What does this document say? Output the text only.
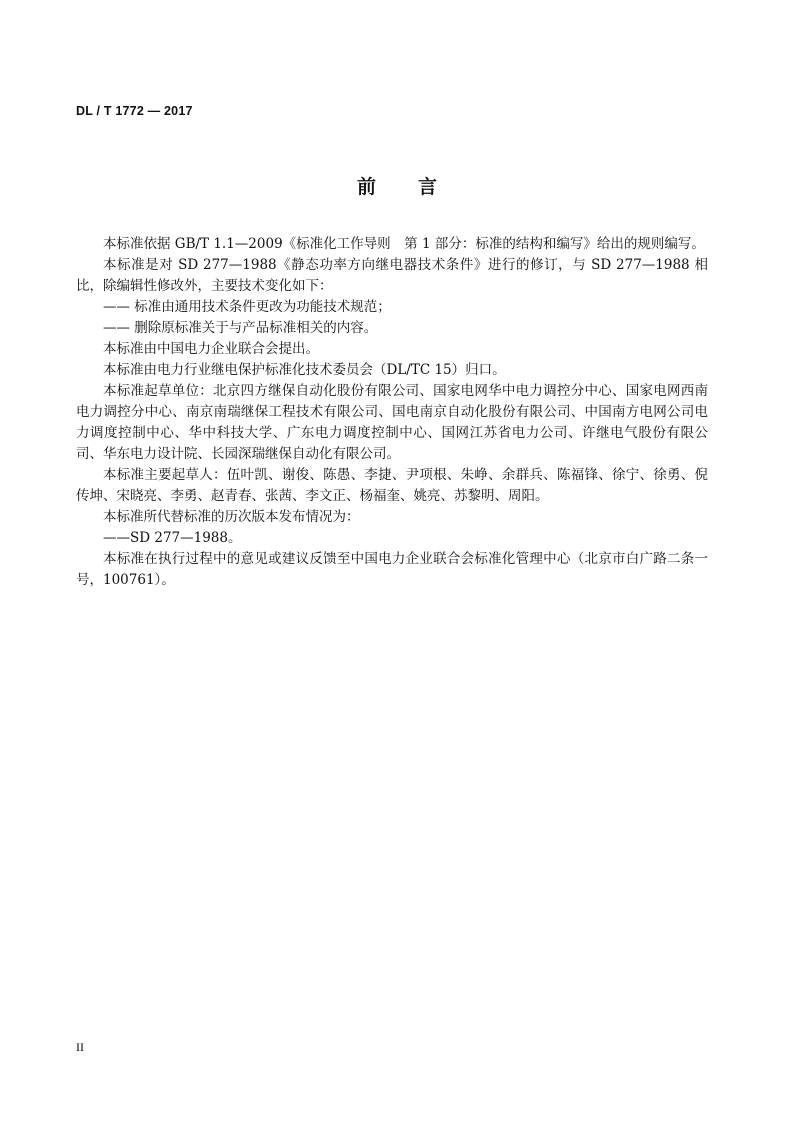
DL / T 1772 — 2017
前 言

本标准依据 GB/T 1.1—2009《标准化工作导则　第 1 部分：标准的结构和编写》给出的规则编写。

本标准是对 SD 277—1988《静态功率方向继电器技术条件》进行的修订，与 SD 277—1988 相比，除编辑性修改外，主要技术变化如下：

—— 标准由通用技术条件更改为功能技术规范；

—— 删除原标准关于与产品标准相关的内容。

本标准由中国电力企业联合会提出。

本标准由电力行业继电保护标准化技术委员会（DL/TC 15）归口。

本标准起草单位：北京四方继保自动化股份有限公司、国家电网华中电力调控分中心、国家电网西南电力调控分中心、南京南瑞继保工程技术有限公司、国电南京自动化股份有限公司、中国南方电网公司电力调度控制中心、华中科技大学、广东电力调度控制中心、国网江苏省电力公司、许继电气股份有限公司、华东电力设计院、长园深瑞继保自动化有限公司。

本标准主要起草人：伍叶凯、谢俊、陈愚、李捷、尹项根、朱峥、余群兵、陈福锋、徐宁、徐勇、倪传坤、宋晓亮、李勇、赵青春、张茜、李文正、杨福奎、姚亮、苏黎明、周阳。

本标准所代替标准的历次版本发布情况为：

——SD 277—1988。

本标准在执行过程中的意见或建议反馈至中国电力企业联合会标准化管理中心（北京市白广路二条一号，100761）。

II
